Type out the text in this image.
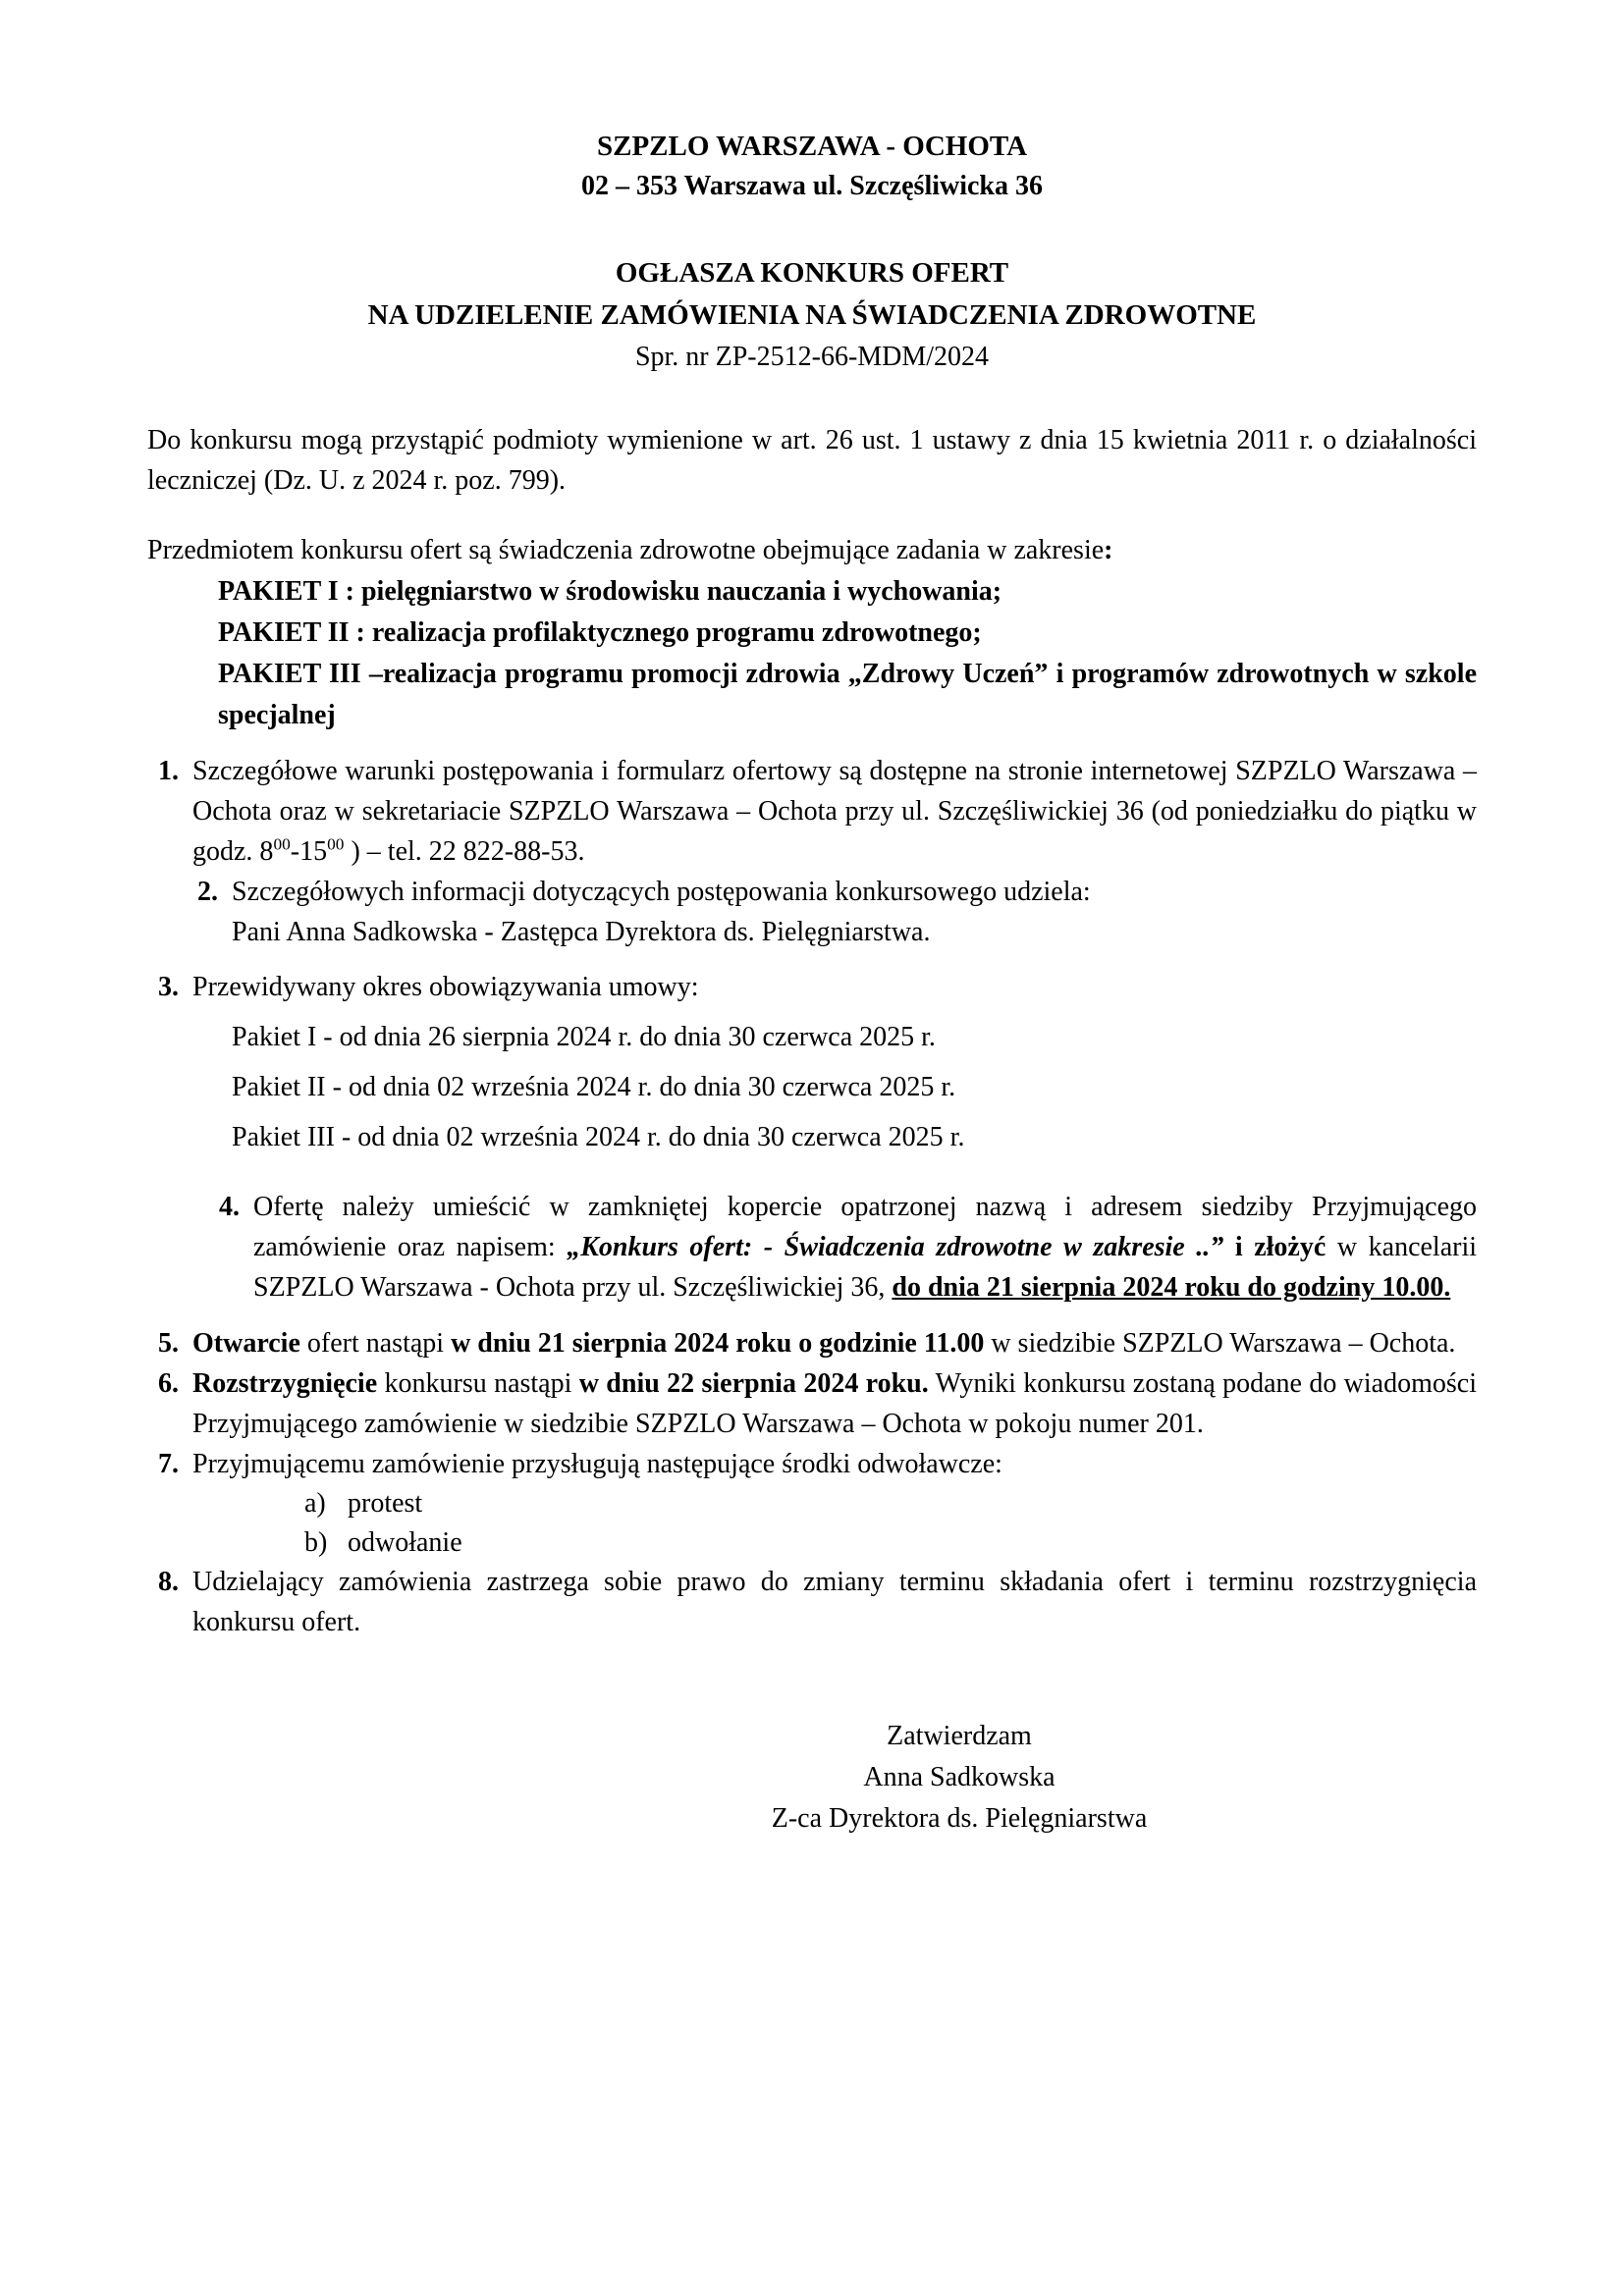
SZPZLO WARSZAWA - OCHOTA
02 – 353 Warszawa ul. Szczęśliwicka 36
OGŁASZA KONKURS OFERT
NA UDZIELENIE ZAMÓWIENIA NA ŚWIADCZENIA ZDROWOTNE
Spr. nr ZP-2512-66-MDM/2024

Do konkursu mogą przystąpić podmioty wymienione w art. 26 ust. 1 ustawy z dnia 15 kwietnia 2011 r. o działalności leczniczej (Dz. U. z 2024 r. poz. 799).

Przedmiotem konkursu ofert są świadczenia zdrowotne obejmujące zadania w zakresie:

PAKIET I : pielęgniarstwo w środowisku nauczania i wychowania;
PAKIET II : realizacja profilaktycznego programu zdrowotnego;
PAKIET III –realizacja programu promocji zdrowia „Zdrowy Uczeń” i programów zdrowotnych w szkole specjalnej
1. Szczegółowe warunki postępowania i formularz ofertowy są dostępne na stronie internetowej SZPZLO Warszawa – Ochota oraz w sekretariacie SZPZLO Warszawa – Ochota przy ul. Szczęśliwickiej 36 (od poniedziałku do piątku w godz. $8^{00}-15^{00}$ ) – tel. 22 822-88-53.
2. Szczegółowych informacji dotyczących postępowania konkursowego udziela:
Pani Anna Sadkowska - Zastępca Dyrektora ds. Pielęgniarstwa.
3. Przewidywany okres obowiązywania umowy:
Pakiet I - od dnia 26 sierpnia 2024 r. do dnia 30 czerwca 2025 r.
Pakiet II - od dnia 02 września 2024 r. do dnia 30 czerwca 2025 r.
Pakiet III - od dnia 02 września 2024 r. do dnia 30 czerwca 2025 r.
4. Ofertę należy umieścić w zamkniętej kopercie opatrzonej nazwą i adresem siedziby Przyjmującego zamówienie oraz napisem: „Konkurs ofert: - Świadczenia zdrowotne w zakresie ..” i złożyć w kancelarii SZPZLO Warszawa - Ochota przy ul. Szczęśliwickiej 36, do dnia 21 sierpnia 2024 roku do godziny 10.00.
5. Otwarcie ofert nastąpi w dniu 21 sierpnia 2024 roku o godzinie 11.00 w siedzibie SZPZLO Warszawa – Ochota.
6. Rozstrzygnięcie konkursu nastąpi w dniu 22 sierpnia 2024 roku. Wyniki konkursu zostaną podane do wiadomości Przyjmującego zamówienie w siedzibie SZPZLO Warszawa – Ochota w pokoju numer 201.
7. Przyjmującemu zamówienie przysługują następujące środki odwoławcze:
a) protest
b) odwołanie
8. Udzielający zamówienia zastrzega sobie prawo do zmiany terminu składania ofert i terminu rozstrzygnięcia konkursu ofert.
Zatwierdzam
Anna Sadkowska
Z-ca Dyrektora ds. Pielęgniarstwa
